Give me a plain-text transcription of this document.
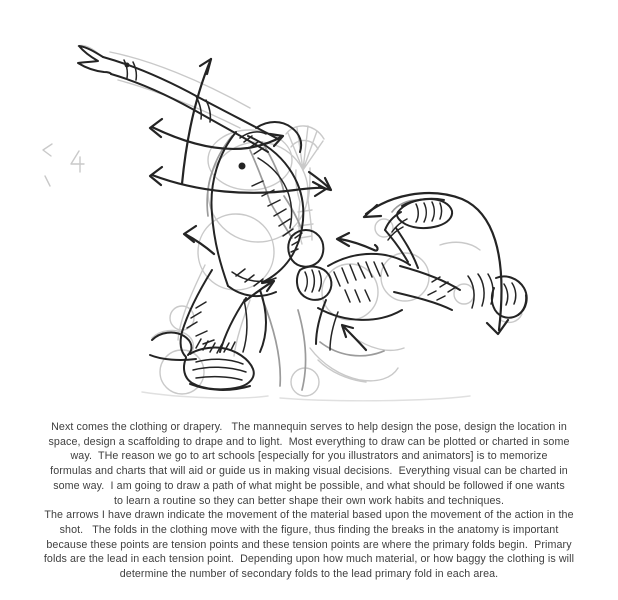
Next comes the clothing or drapery.   The mannequin serves to help design the pose, design the location in
space, design a scaffolding to drape and to light.  Most everything to draw can be plotted or charted in some
way.  THe reason we go to art schools [especially for you illustrators and animators] is to memorize
formulas and charts that will aid or guide us in making visual decisions.  Everything visual can be charted in
some way.  I am going to draw a path of what might be possible, and what should be followed if one wants
to learn a routine so they can better shape their own work habits and techniques.
The arrows I have drawn indicate the movement of the material based upon the movement of the action in the
shot.   The folds in the clothing move with the figure, thus finding the breaks in the anatomy is important
because these points are tension points and these tension points are where the primary folds begin.  Primary
folds are the lead in each tension point.  Depending upon how much material, or how baggy the clothing is will
determine the number of secondary folds to the lead primary fold in each area.
